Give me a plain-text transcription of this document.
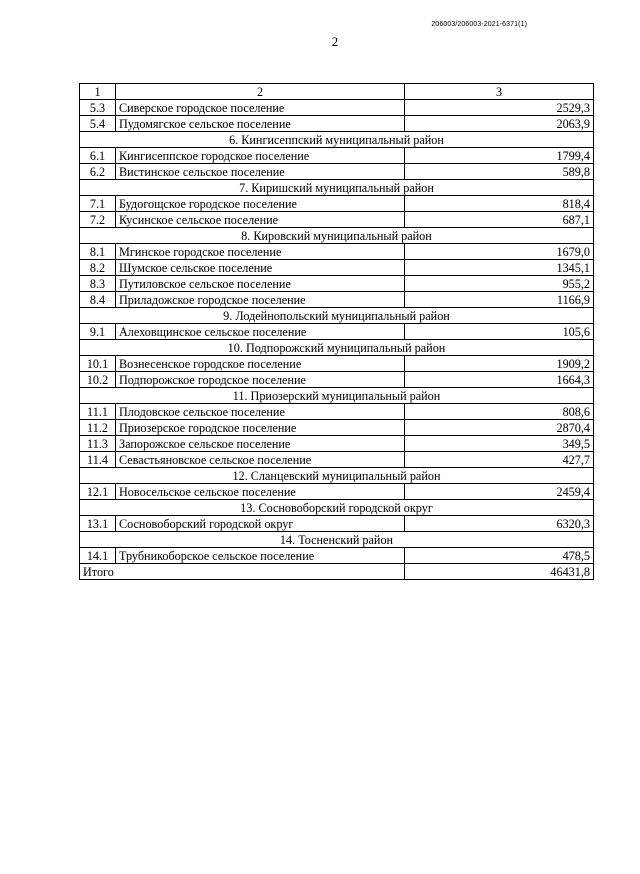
206003/206003-2021-6371(1)
2
1	2	3
5.3	Сиверское городское поселение	2529,3
5.4	Пудомягское сельское поселение	2063,9
6. Кингисеппский муниципальный район		
6.1	Кингисеппское городское поселение	1799,4
6.2	Вистинское сельское поселение	589,8
7. Киришский муниципальный район		
7.1	Будогощское городское поселение	818,4
7.2	Кусинское сельское поселение	687,1
8. Кировский муниципальный район		
8.1	Мгинское городское поселение	1679,0
8.2	Шумское сельское поселение	1345,1
8.3	Путиловское сельское поселение	955,2
8.4	Приладожское городское поселение	1166,9
9. Лодейнопольский муниципальный район		
9.1	Алеховщинское сельское поселение	105,6
10. Подпорожский муниципальный район		
10.1	Вознесенское городское поселение	1909,2
10.2	Подпорожское городское поселение	1664,3
11. Приозерский муниципальный район		
11.1	Плодовское сельское поселение	808,6
11.2	Приозерское городское поселение	2870,4
11.3	Запорожское сельское поселение	349,5
11.4	Севастьяновское сельское поселение	427,7
12. Сланцевский муниципальный район		
12.1	Новосельское сельское поселение	2459,4
13. Сосновоборский городской округ		
13.1	Сосновоборский городской округ	6320,3
14. Тосненский район		
14.1	Трубникоборское сельское поселение	478,5
Итого		46431,8
